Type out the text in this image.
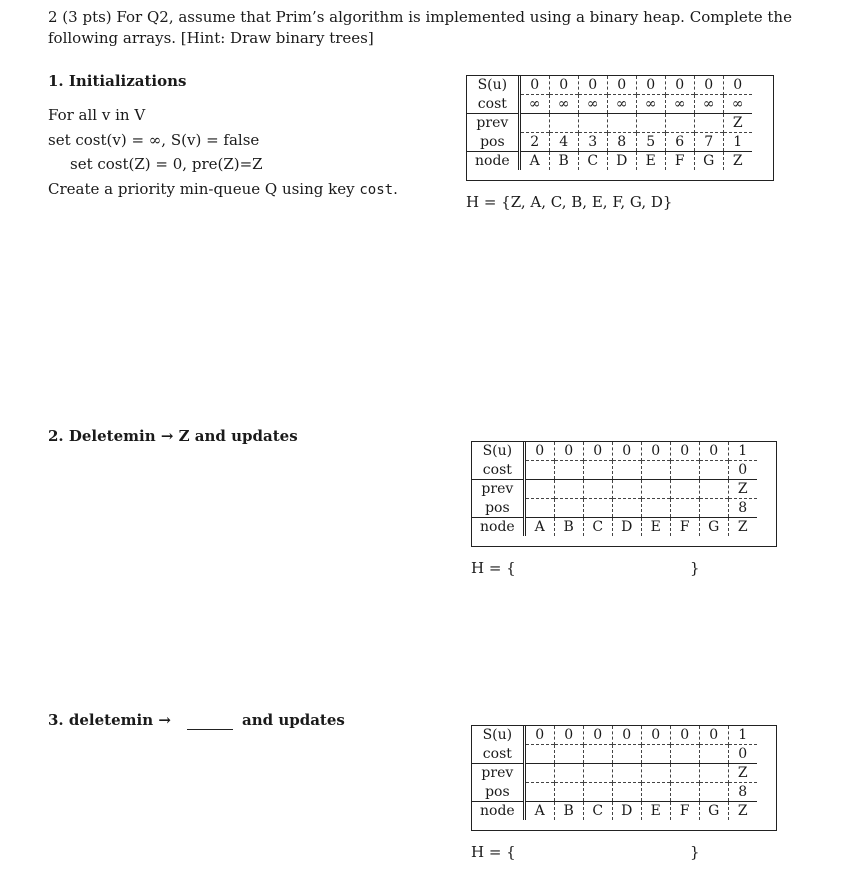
2 (3 pts) For Q2, assume that Prim’s algorithm is implemented using a binary heap. Complete the
following arrays. [Hint: Draw binary trees]
1. Initializations
For all v in V
set cost(v) = ∞, S(v) = false
set cost(Z) = 0, pre(Z)=Z
Create a priority min-queue Q using key cost.
S(u)	0	0	0	0	0	0	0	0
cost	∞	∞	∞	∞	∞	∞	∞	∞
prev								Z
pos	2	4	3	8	5	6	7	1
node	A	B	C	D	E	F	G	Z
H = {Z, A, C, B, E, F, G, D}
2. Deletemin → Z and updates
S(u)	0	0	0	0	0	0	0	1
cost								0
prev								Z
pos								8
node	A	B	C	D	E	F	G	Z
H = {	}
3. deletemin →	and updates
S(u)	0	0	0	0	0	0	0	1
cost								0
prev								Z
pos								8
node	A	B	C	D	E	F	G	Z
H = {	}
